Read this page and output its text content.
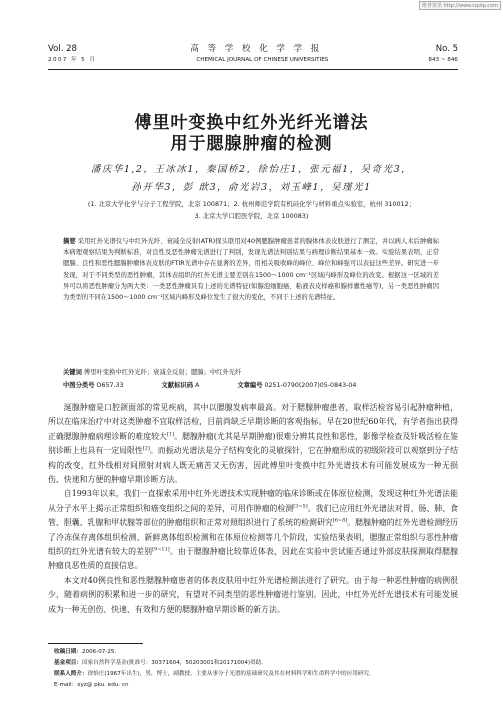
维普资讯 http://www.cqvip.com
Vol. 28	高 等 学 校 化 学 学 报	No. 5
2007 年 5 月	CHEMICAL JOURNAL OF CHINESE UNIVERSITIES	843 ~ 846
傅里叶变换中红外光纤光谱法
用于腮腺肿瘤的检测
潘庆华1,2，王冰冰1，秦国桥2，徐怡庄1，张元福1，吴奇光3，
孙开华3，彭 歆3，俞光岩3，刘玉峰1，吴瑾光1
(1. 北京大学化学与分子工程学院，北京 100871；2. 杭州师范学院有机硅化学与材料重点实验室，杭州 310012；
3. 北京大学口腔医学院，北京 100083)
摘要 采用红外光谱仪与中红外光纤、衰减全反射(ATR)探头联用对40例腮腺肿瘤患者的腺体体表皮肤进行了测定，并以病人术后肿瘤标本病理观察结果为判断标准，对良性及恶性肿瘤光谱进行了判别，发现光谱法判别结果与病理诊断结果基本一致。实验结果表明，正常腮腺、良性和恶性腮腺肿瘤体表皮肤的FTIR光谱中存在显著的差异，用相关吸收峰的峰位、峰位和峰强可以表征这些差异。研究进一步发现，对于不同类型的恶性肿瘤，其体表组织的红外光谱主要差别在1500～1000 cm⁻¹区域内峰形及峰位的改变。根据这一区域的差异可以将恶性肿瘤分为两大类：一类恶性肿瘤具有上述的光谱特征(如腺泡细胞癌、粘液表皮样癌和腺样囊性癌等)，另一类恶性肿瘤因为类型的不同在1500～1000 cm⁻¹区域内峰形及峰位发生了很大的变化，不同于上述的光谱特征。
关键词 傅里叶变换中红外光纤；衰减全反射；腮腺；中红外光纤
中图分类号 O657.33	文献标识码 A	文章编号 0251-0790(2007)05-0843-04

涎腺肿瘤是口腔颌面部的常见疾病，其中以腮腺发病率最高。对于腮腺肿瘤患者，取样活检容易引起肿瘤种植，所以在临床治疗中对这类肿瘤不宜取样活检，目前尚缺乏早期诊断的客观指标。早在20世纪60年代，有学者指出获得正确腮腺肿瘤病理诊断的难度较大[1]。腮腺肿瘤(尤其是早期肿瘤)很难分辨其良性和恶性，影像学检查及针吸活检在鉴别诊断上也具有一定局限性[2]。而振动光谱法是分子结构变化的灵敏探针，它在肿瘤形成的初级阶段可以观察到分子结构的改变，红外线相对间照射对病人既无痛苦又无伤害，因此傅里叶变换中红外光谱技术有可能发展成为一种无损伤、快速和方便的肿瘤早期诊断方法。

自1993年以来，我们一直探索采用中红外光谱技术实现肿瘤的临床诊断或在体原位检测，发现这种红外光谱法能从分子水平上揭示正常组织和癌变组织之间的差异，可用作肿瘤的检测[3~5]。我们已应用红外光谱法对胃、肠、肺、食管、胆囊、乳腺和甲状腺等部位的肿瘤组织和正常对照组织进行了系统的检测研究[6~8]。腮腺肿瘤的红外光谱检测经历了冷冻保存离体组织检测、新鲜离体组织检测和在体原位检测等几个阶段，实验结果表明，腮腺正常组织与恶性肿瘤组织的红外光谱有较大的差别[9~11]。由于腮腺肿瘤比较靠近体表，因此在实验中尝试能否通过外部皮肤探测取得腮腺肿瘤良恶性质的直接信息。

本文对40例良性和恶性腮腺肿瘤患者的体表皮肤用中红外光谱检测法进行了研究。由于每一种恶性肿瘤的病例很少，随着病例的积累和进一步的研究，有望对不同类型的恶性肿瘤进行鉴别。因此，中红外光纤光谱技术有可能发展成为一种无创伤、快速、有效和方便的腮腺肿瘤早期诊断的新方法。

收稿日期：2006-07-25.
基金项目：国家自然科学基金(批准号：30371604，50203001和20171004)资助.
联系人简介：徐怡庄(1967年出生)，男，博士，副教授，主要从事分子光谱的基础研究及其在材料科学和生命科学中的应用研究.
E-mail：xyz@ pku. edu. cn
